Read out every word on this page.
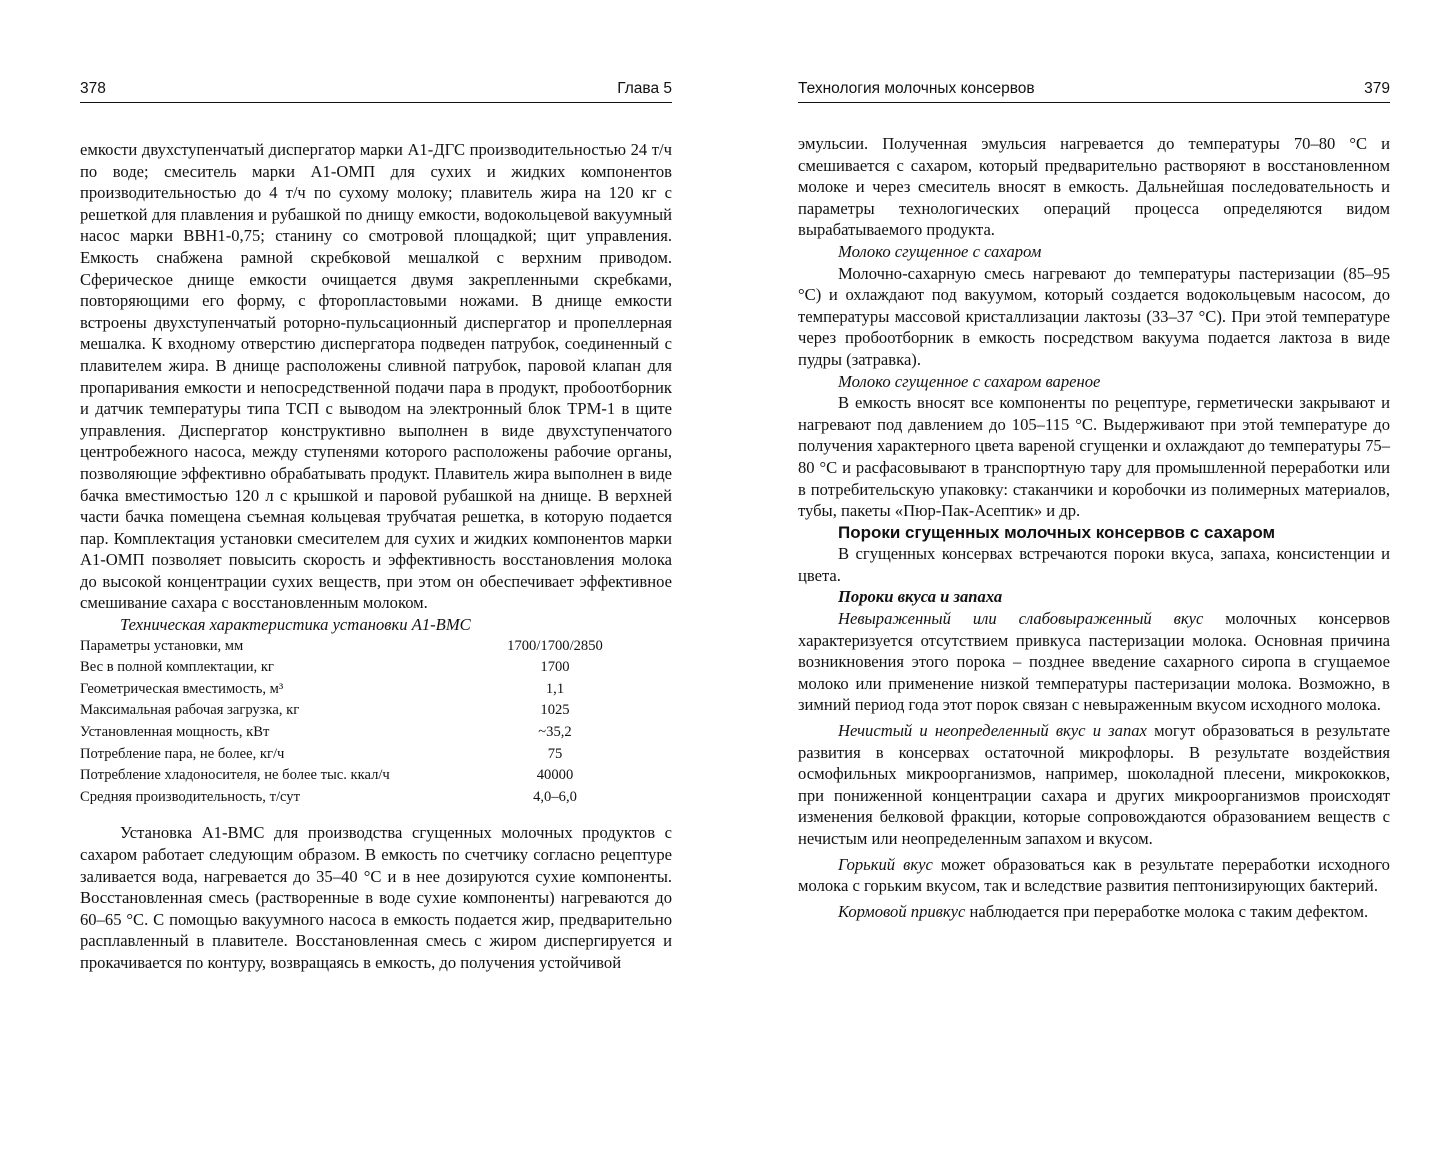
378	Глава 5

емкости двухступенчатый диспергатор марки А1-ДГС производительностью 24 т/ч по воде; смеситель марки А1-ОМП для сухих и жидких компонентов производительностью до 4 т/ч по сухому молоку; плавитель жира на 120 кг с решеткой для плавления и рубашкой по днищу емкости, водокольцевой вакуумный насос марки ВВН1-0,75; станину со смотровой площадкой; щит управления. Емкость снабжена рамной скребковой мешалкой с верхним приводом. Сферическое днище емкости очищается двумя закрепленными скребками, повторяющими его форму, с фторопластовыми ножами. В днище емкости встроены двухступенчатый роторно-пульсационный диспергатор и пропеллерная мешалка. К входному отверстию диспергатора подведен патрубок, соединенный с плавителем жира. В днище расположены сливной патрубок, паровой клапан для пропаривания емкости и непосредственной подачи пара в продукт, пробоотборник и датчик температуры типа ТСП с выводом на электронный блок ТРМ-1 в щите управления. Диспергатор конструктивно выполнен в виде двухступенчатого центробежного насоса, между ступенями которого расположены рабочие органы, позволяющие эффективно обрабатывать продукт. Плавитель жира выполнен в виде бачка вместимостью 120 л с крышкой и паровой рубашкой на днище. В верхней части бачка помещена съемная кольцевая трубчатая решетка, в которую подается пар. Комплектация установки смесителем для сухих и жидких компонентов марки А1-ОМП позволяет повысить скорость и эффективность восстановления молока до высокой концентрации сухих веществ, при этом он обеспечивает эффективное смешивание сахара с восстановленным молоком.

Техническая характеристика установки А1-ВМС

Параметры установки, мм	1700/1700/2850
Вес в полной комплектации, кг	1700
Геометрическая вместимость, м³	1,1
Максимальная рабочая загрузка, кг	1025
Установленная мощность, кВт	~35,2
Потребление пара, не более, кг/ч	75
Потребление хладоносителя, не более тыс. ккал/ч	40000
Средняя производительность, т/сут	4,0–6,0

Установка А1-ВМС для производства сгущенных молочных продуктов с сахаром работает следующим образом. В емкость по счетчику согласно рецептуре заливается вода, нагревается до 35–40 °С и в нее дозируются сухие компоненты. Восстановленная смесь (растворенные в воде сухие компоненты) нагреваются до 60–65 °С. С помощью вакуумного насоса в емкость подается жир, предварительно расплавленный в плавителе. Восстановленная смесь с жиром диспергируется и прокачивается по контуру, возвращаясь в емкость, до получения устойчивой

Технология молочных консервов	379

эмульсии. Полученная эмульсия нагревается до температуры 70–80 °С и смешивается с сахаром, который предварительно растворяют в восстановленном молоке и через смеситель вносят в емкость. Дальнейшая последовательность и параметры технологических операций процесса определяются видом вырабатываемого продукта.

Молоко сгущенное с сахаром

Молочно-сахарную смесь нагревают до температуры пастеризации (85–95 °С) и охлаждают под вакуумом, который создается водокольцевым насосом, до температуры массовой кристаллизации лактозы (33–37 °С). При этой температуре через пробоотборник в емкость посредством вакуума подается лактоза в виде пудры (затравка).

Молоко сгущенное с сахаром вареное

В емкость вносят все компоненты по рецептуре, герметически закрывают и нагревают под давлением до 105–115 °С. Выдерживают при этой температуре до получения характерного цвета вареной сгущенки и охлаждают до температуры 75–80 °С и расфасовывают в транспортную тару для промышленной переработки или в потребительскую упаковку: стаканчики и коробочки из полимерных материалов, тубы, пакеты «Пюр-Пак-Асептик» и др.

Пороки сгущенных молочных консервов с сахаром

В сгущенных консервах встречаются пороки вкуса, запаха, консистенции и цвета.

Пороки вкуса и запаха

Невыраженный или слабовыраженный вкус молочных консервов характеризуется отсутствием привкуса пастеризации молока. Основная причина возникновения этого порока – позднее введение сахарного сиропа в сгущаемое молоко или применение низкой температуры пастеризации молока. Возможно, в зимний период года этот порок связан с невыраженным вкусом исходного молока.

Нечистый и неопределенный вкус и запах могут образоваться в результате развития в консервах остаточной микрофлоры. В результате воздействия осмофильных микроорганизмов, например, шоколадной плесени, микрококков, при пониженной концентрации сахара и других микроорганизмов происходят изменения белковой фракции, которые сопровождаются образованием веществ с нечистым или неопределенным запахом и вкусом.

Горький вкус может образоваться как в результате переработки исходного молока с горьким вкусом, так и вследствие развития пептонизирующих бактерий.

Кормовой привкус наблюдается при переработке молока с таким дефектом.
